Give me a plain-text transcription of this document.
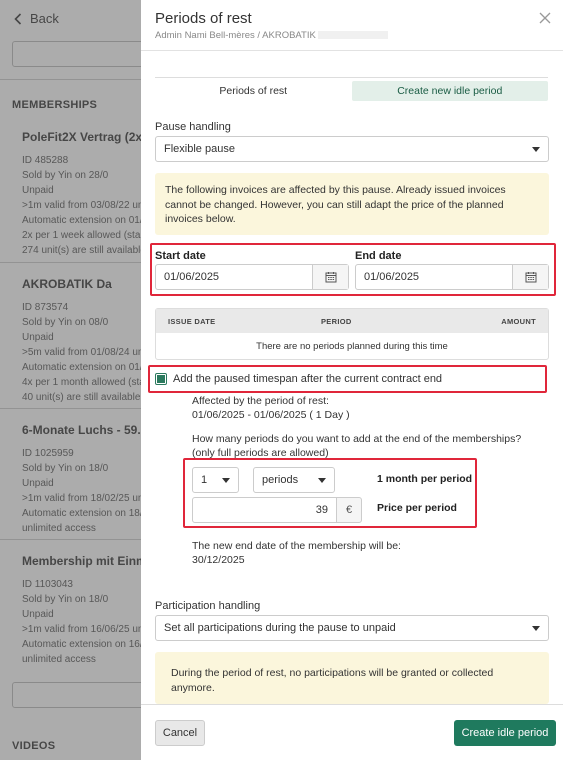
Periods of rest
Admin Nami Bell-mères / AKROBATIK
Periods of rest	Create new idle period
Pause handling
Flexible pause
The following invoices are affected by this pause. Already issued invoices cannot be changed. However, you can still adapt the price of the planned invoices below.
Start date
01/06/2025
End date
01/06/2025
ISSUE DATE	PERIOD	AMOUNT
There are no periods planned during this time
Add the paused timespan after the current contract end
Affected by the period of rest:
01/06/2025 - 01/06/2025 ( 1 Day )
How many periods do you want to add at the end of the memberships?
(only full periods are allowed)
1	periods	1 month per period
39	€	Price per period
The new end date of the membership will be:
30/12/2025
Participation handling
Set all participations during the pause to unpaid
During the period of rest, no participations will be granted or collected anymore.
Cancel	Create idle period
